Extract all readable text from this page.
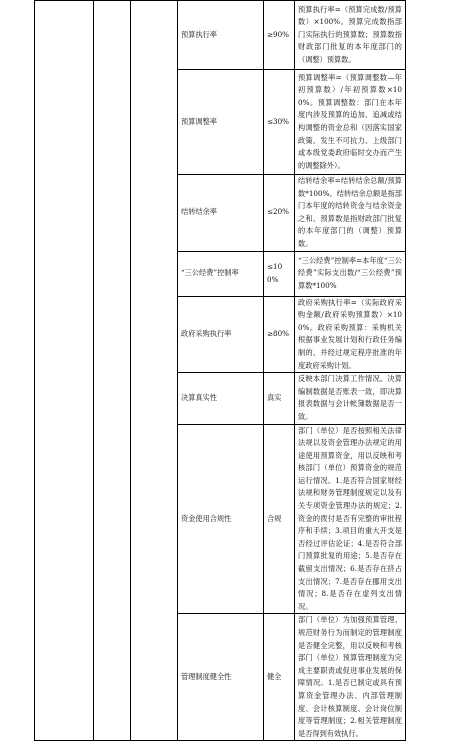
			预算执行率	≥90%	预算执行率=（预算完成数/预算数）×100%。预算完成数指部门实际执行的预算数；预算数指财政部门批复的本年度部门的（调整）预算数。
			预算调整率	≤30%	预算调整率=（预算调整数—年初预算数）/年初预算数×100%。预算调整数：部门在本年度内涉及预算的追加、追减或结构调整的资金总和（因落实国家政策、发生不可抗力、上级部门或本级党委政府临时交办而产生的调整除外）。
			结转结余率	≤20%	结转结余率=结转结余总额/预算数*100%。结转结余总额是指部门本年度的结转资金与结余资金之和。预算数是指财政部门批复的本年度部门的（调整）预算数。
			“三公经费”控制率	≤100%	“三公经费”控制率=本年度“三公经费”实际支出数/“三公经费”预算数*100%
			政府采购执行率	≥80%	政府采购执行率=（实际政府采购金额/政府采购预算数）×100%。政府采购预算：采购机关根据事业发展计划和行政任务编制的、并经过规定程序批准的年度政府采购计划。
			决算真实性	真实	反映本部门决算工作情况。决算编制数据是否账表一致，即决算报表数据与会计帐簿数据是否一致。
			资金使用合规性	合规	部门（单位）是否按照相关法律法规以及资金管理办法规定的用途使用预算资金，用以反映和考核部门（单位）预算资金的规范运行情况。1.是否符合国家财经法规和财务管理制度规定以及有关专项资金管理办法的规定；2.资金的拨付是否有完整的审批程序和手续；3.项目的重大开支是否经过评估论证；4.是否符合部门预算批复的用途；5.是否存在截留支出情况；6.是否存在挤占支出情况；7.是否存在挪用支出情况；8.是否存在虚列支出情况。
			管理制度健全性	健全	部门（单位）为加强预算管理、规范财务行为而制定的管理制度是否健全完整，用以反映和考核部门（单位）预算管理制度为完成主要职责或促进事业发展的保障情况。1.是否已制定或具有预算资金管理办法、内部管理制度、会计核算制度、会计岗位制度等管理制度；2.相关管理制度是否得到有效执行。
